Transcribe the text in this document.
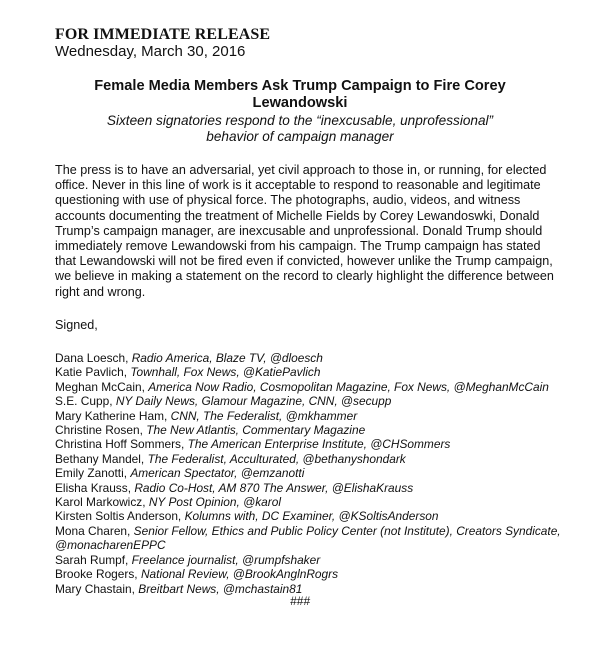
FOR IMMEDIATE RELEASE
Wednesday, March 30, 2016
Female Media Members Ask Trump Campaign to Fire Corey Lewandowski
Sixteen signatories respond to the “inexcusable, unprofessional” behavior of campaign manager
The press is to have an adversarial, yet civil approach to those in, or running, for elected office. Never in this line of work is it acceptable to respond to reasonable and legitimate questioning with use of physical force. The photographs, audio, videos, and witness accounts documenting the treatment of Michelle Fields by Corey Lewandoswki, Donald Trump’s campaign manager, are inexcusable and unprofessional. Donald Trump should immediately remove Lewandowski from his campaign. The Trump campaign has stated that Lewandowski will not be fired even if convicted, however unlike the Trump campaign, we believe in making a statement on the record to clearly highlight the difference between right and wrong.
Signed,
Dana Loesch, Radio America, Blaze TV, @dloesch
Katie Pavlich, Townhall, Fox News, @KatiePavlich
Meghan McCain, America Now Radio, Cosmopolitan Magazine, Fox News, @MeghanMcCain
S.E. Cupp, NY Daily News, Glamour Magazine, CNN, @secupp
Mary Katherine Ham, CNN, The Federalist, @mkhammer
Christine Rosen, The New Atlantis, Commentary Magazine
Christina Hoff Sommers, The American Enterprise Institute, @CHSommers
Bethany Mandel, The Federalist, Acculturated, @bethanyshondark
Emily Zanotti, American Spectator, @emzanotti
Elisha Krauss, Radio Co-Host, AM 870 The Answer, @ElishaKrauss
Karol Markowicz, NY Post Opinion, @karol
Kirsten Soltis Anderson, Kolumns with, DC Examiner, @KSoltisAnderson
Mona Charen, Senior Fellow, Ethics and Public Policy Center (not Institute), Creators Syndicate, @monacharenEPPC
Sarah Rumpf, Freelance journalist, @rumpfshaker
Brooke Rogers, National Review, @BrookAnglnRogrs
Mary Chastain, Breitbart News, @mchastain81
###
